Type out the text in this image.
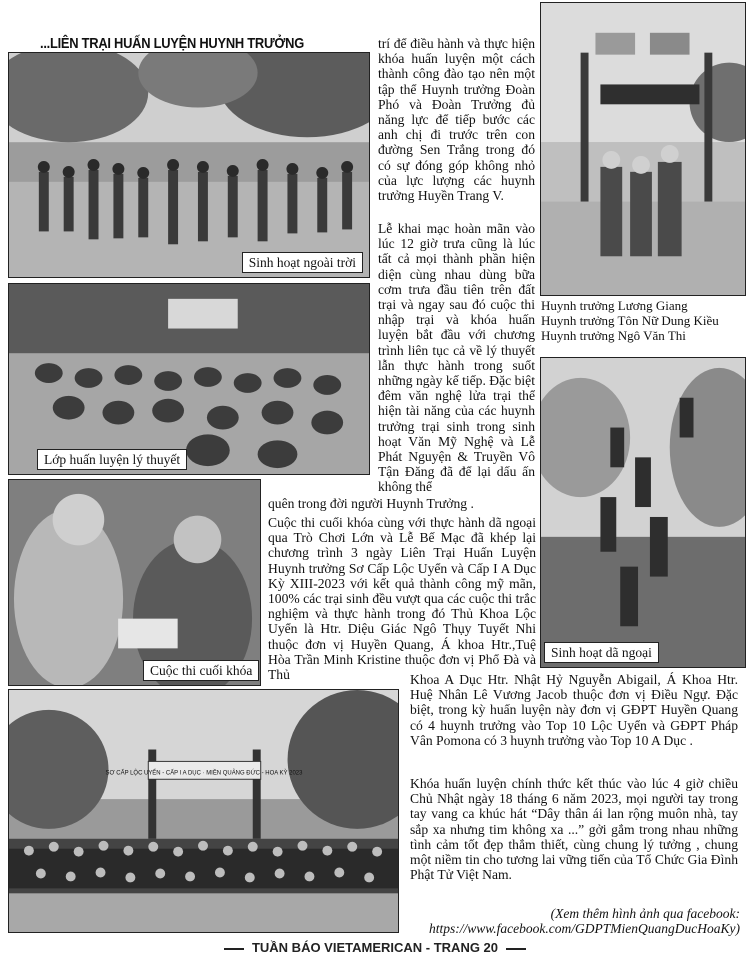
...LIÊN TRẠI HUẤN LUYỆN HUYNH TRƯỞNG
Sinh hoạt ngoài trời
Lớp huấn luyện lý thuyết
Cuộc thi cuối khóa
SƠ CẤP LỘC UYỂN - CẤP I A DỤC · MIỀN QUẢNG ĐỨC - HOA KỲ 2023
Huynh trưởng Lương Giang
Huynh trưởng Tôn Nữ Dung Kiều
Huynh trưởng Ngô Văn Thi
Sinh hoạt dã ngoại
trí để điều hành và thực hiện khóa huấn luyện một cách thành công đào tạo nên một tập thể Huynh trưởng Đoàn Phó và Đoàn Trưởng đủ năng lực để tiếp bước các anh chị đi trước trên con đường Sen Trắng trong đó có sự đóng góp không nhỏ của lực lượng các huynh trưởng Huyền Trang V.
Lễ khai mạc hoàn mãn vào lúc 12 giờ trưa cũng là lúc tất cả mọi thành phần hiện diện cùng nhau dùng bữa cơm trưa đầu tiên trên đất trại và ngay sau đó cuộc thi nhập trại và khóa huấn luyện bắt đầu với chương trình liên tục cả về lý thuyết lẫn thực hành trong suốt những ngày kế tiếp. Đặc biệt đêm văn nghệ lửa trại thể hiện tài năng của các huynh trưởng trại sinh trong sinh hoạt Văn Mỹ Nghệ và Lễ Phát Nguyện & Truyền Vô Tận Đăng đã để lại dấu ấn không thể
quên trong đời người Huynh Trưởng .
Cuộc thi cuối khóa cùng với thực hành dã ngoại qua Trò Chơi Lớn và Lễ Bế Mạc đã khép lại chương trình 3 ngày Liên Trại Huấn Luyện Huynh trưởng Sơ Cấp Lộc Uyển và Cấp I A Dục Kỳ XIII-2023 với kết quả thành công mỹ mãn, 100% các trại sinh đều vượt qua các cuộc thi trắc nghiệm và thực hành trong đó Thủ Khoa Lộc Uyển là Htr. Diệu Giác Ngô Thụy Tuyết Nhi thuộc đơn vị Huyền Quang, Á khoa Htr.,Tuệ Hòa Trần Minh Kristine thuộc đơn vị Phổ Đà và Thủ	Khoa A Dục Htr. Nhật Hỷ Nguyễn Abigail, Á Khoa Htr. Huệ Nhân Lê Vương Jacob thuộc đơn vị Điều Ngự. Đặc biệt, trong kỳ huấn luyện này đơn vị GĐPT Huyền Quang có 4 huynh trưởng vào Top 10 Lộc Uyển và GĐPT Pháp Vân Pomona có 3 huynh trưởng vào Top 10 A Dục .
Khóa huấn luyện chính thức kết thúc vào lúc 4 giờ chiều Chủ Nhật ngày 18 tháng 6 năm 2023, mọi người tay trong tay vang ca khúc hát “Dây thân ái lan rộng muôn nhà, tay sắp xa nhưng tim không xa ...” gởi gắm trong nhau những tình cảm tốt đẹp thắm thiết, cùng chung lý tưởng , chung một niềm tin cho tương lai vững tiến của Tổ Chức Gia Đình Phật Tử Việt Nam.
(Xem thêm hình ảnh qua facebook:
https://www.facebook.com/GDPTMienQuangDucHoaKy)
TUẦN BÁO VIETAMERICAN - TRANG 20
